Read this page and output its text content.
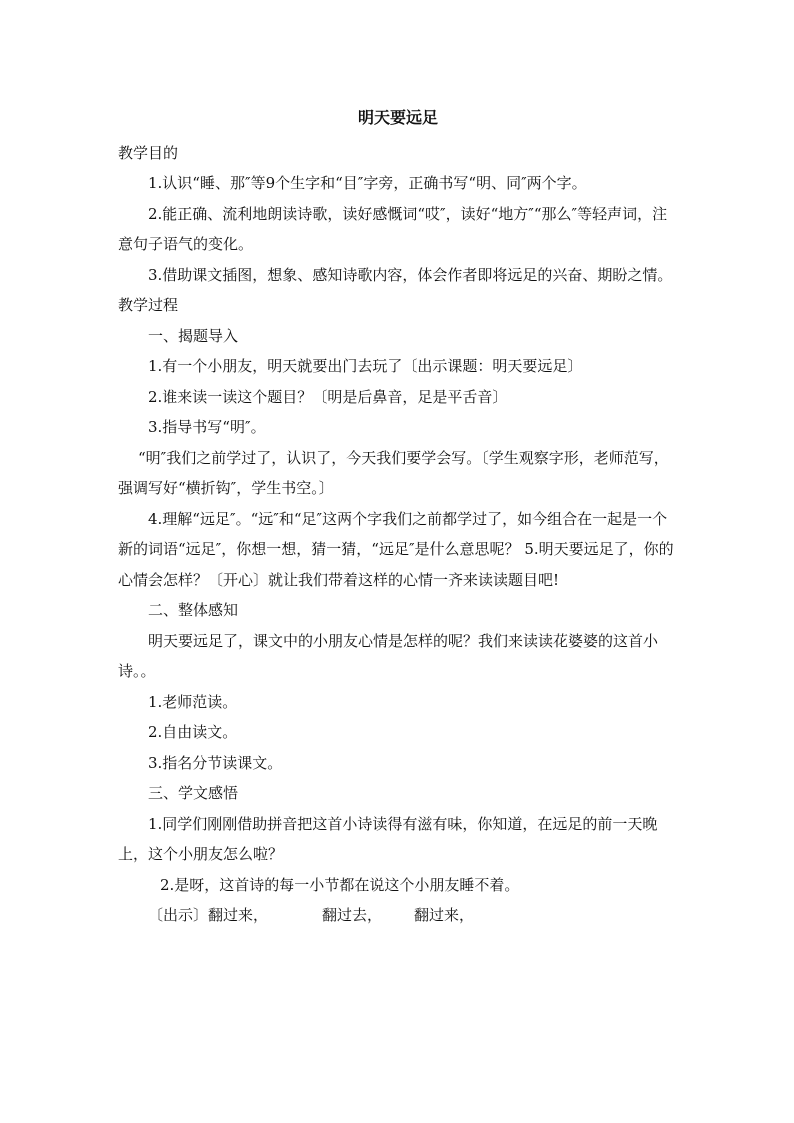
明天要远足

教学目的

1.认识“睡、那″等9个生字和“目″字旁，正确书写“明、同″两个字。

2.能正确、流利地朗读诗歌，读好感慨词“哎″，读好“地方″“那么″等轻声词，注意句子语气的变化。

3.借助课文插图，想象、感知诗歌内容，体会作者即将远足的兴奋、期盼之情。

教学过程

一、揭题导入

1.有一个小朋友，明天就要出门去玩了〔出示课题：明天要远足〕

2.谁来读一读这个题目？〔明是后鼻音，足是平舌音〕

3.指导书写“明″。

“明″我们之前学过了，认识了，今天我们要学会写。〔学生观察字形，老师范写，强调写好“横折钩″，学生书空。〕

4.理解“远足″。“远″和“足″这两个字我们之前都学过了，如今组合在一起是一个新的词语“远足″，你想一想，猜一猜，“远足″是什么意思呢？ 5.明天要远足了，你的心情会怎样？〔开心〕就让我们带着这样的心情一齐来读读题目吧!

二、整体感知

明天要远足了，课文中的小朋友心情是怎样的呢？我们来读读花婆婆的这首小诗。。

1.老师范读。

2.自由读文。

3.指名分节读课文。

三、学文感悟

1.同学们刚刚借助拼音把这首小诗读得有滋有味，你知道，在远足的前一天晚上，这个小朋友怎么啦？

2.是呀，这首诗的每一小节都在说这个小朋友睡不着。

〔出示〕翻过来，	翻过去， 翻过来，
